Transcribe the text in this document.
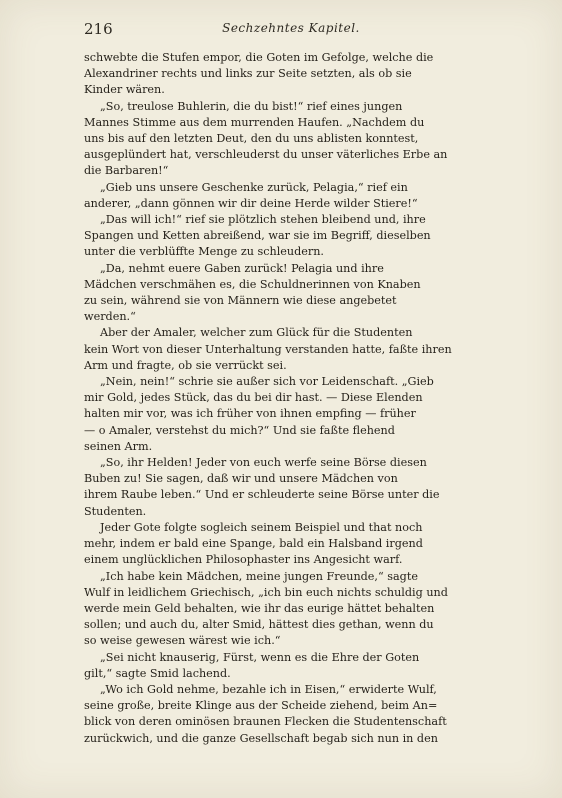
216	Sechzehntes Kapitel.
schwebte die Stufen empor, die Goten im Gefolge, welche die
Alexandriner rechts und links zur Seite setzten, als ob sie
Kinder wären.
„So, treulose Buhlerin, die du bist!“ rief eines jungen
Mannes Stimme aus dem murrenden Haufen. „Nachdem du
uns bis auf den letzten Deut, den du uns ablisten konntest,
ausgeplündert hat, verschleuderst du unser väterliches Erbe an
die Barbaren!“
„Gieb uns unsere Geschenke zurück, Pelagia,“ rief ein
anderer, „dann gönnen wir dir deine Herde wilder Stiere!“
„Das will ich!“ rief sie plötzlich stehen bleibend und, ihre
Spangen und Ketten abreißend, war sie im Begriff, dieselben
unter die verblüffte Menge zu schleudern.
„Da, nehmt euere Gaben zurück! Pelagia und ihre
Mädchen verschmähen es, die Schuldnerinnen von Knaben
zu sein, während sie von Männern wie diese angebetet
werden.“
Aber der Amaler, welcher zum Glück für die Studenten
kein Wort von dieser Unterhaltung verstanden hatte, faßte ihren
Arm und fragte, ob sie verrückt sei.
„Nein, nein!“ schrie sie außer sich vor Leidenschaft. „Gieb
mir Gold, jedes Stück, das du bei dir hast. — Diese Elenden
halten mir vor, was ich früher von ihnen empfing — früher
— o Amaler, verstehst du mich?“ Und sie faßte flehend
seinen Arm.
„So, ihr Helden! Jeder von euch werfe seine Börse diesen
Buben zu! Sie sagen, daß wir und unsere Mädchen von
ihrem Raube leben.“ Und er schleuderte seine Börse unter die
Studenten.
Jeder Gote folgte sogleich seinem Beispiel und that noch
mehr, indem er bald eine Spange, bald ein Halsband irgend
einem unglücklichen Philosophaster ins Angesicht warf.
„Ich habe kein Mädchen, meine jungen Freunde,“ sagte
Wulf in leidlichem Griechisch, „ich bin euch nichts schuldig und
werde mein Geld behalten, wie ihr das eurige hättet behalten
sollen; und auch du, alter Smid, hättest dies gethan, wenn du
so weise gewesen wärest wie ich.“
„Sei nicht knauserig, Fürst, wenn es die Ehre der Goten
gilt,“ sagte Smid lachend.
„Wo ich Gold nehme, bezahle ich in Eisen,“ erwiderte Wulf,
seine große, breite Klinge aus der Scheide ziehend, beim An=
blick von deren ominösen braunen Flecken die Studentenschaft
zurückwich, und die ganze Gesellschaft begab sich nun in den
